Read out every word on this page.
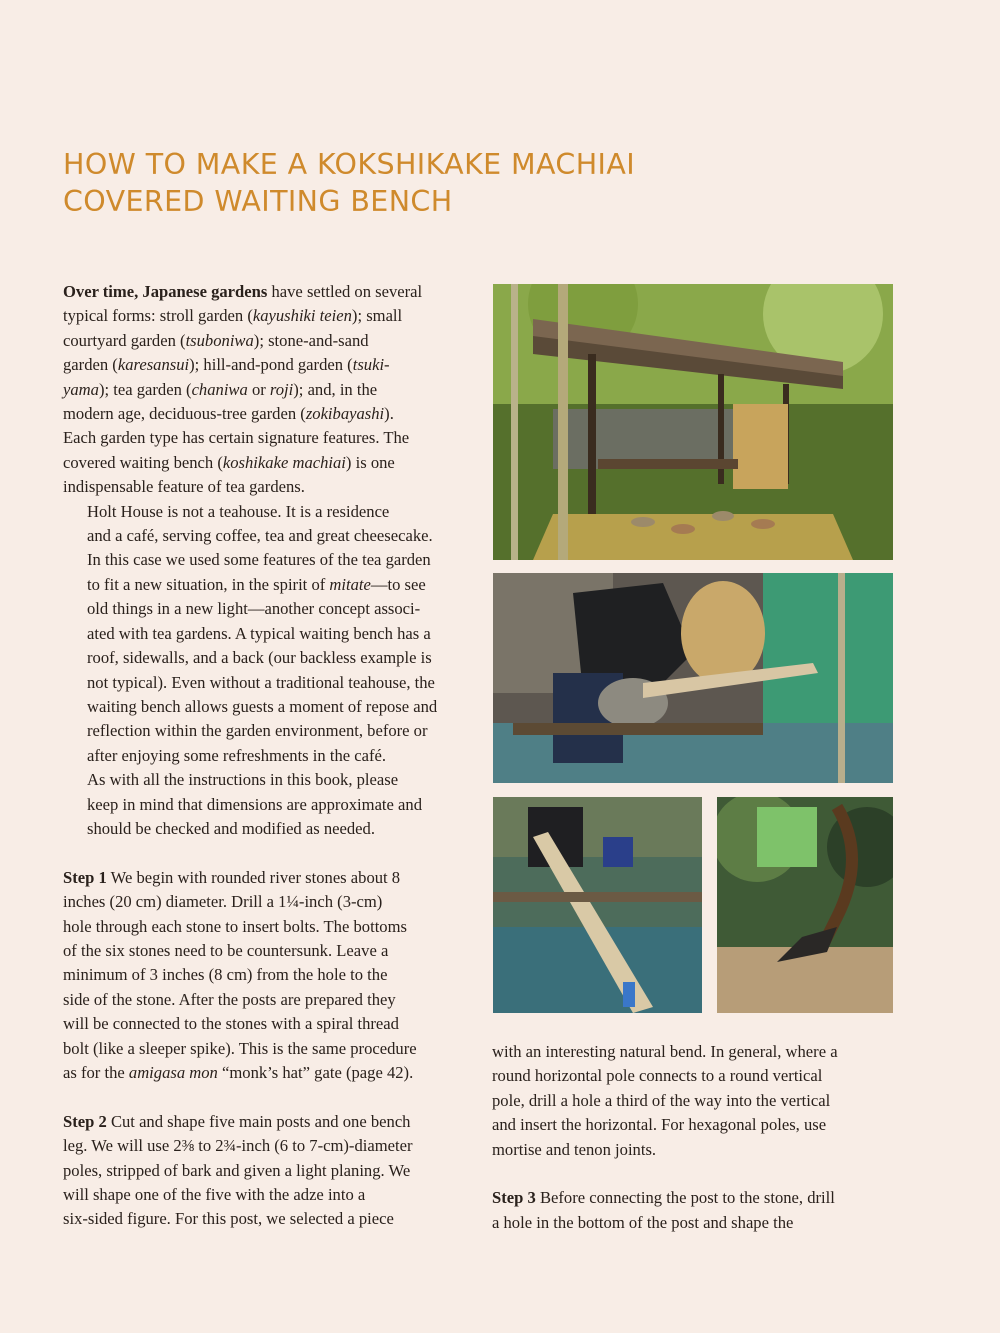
HOW TO MAKE A KOKSHIKAKE MACHIAI
COVERED WAITING BENCH

Over time, Japanese gardens have settled on several
typical forms: stroll garden (kayushiki teien); small
courtyard garden (tsuboniwa); stone-and-sand
garden (karesansui); hill-and-pond garden (tsuki-
yama); tea garden (chaniwa or roji); and, in the
modern age, deciduous-tree garden (zokibayashi).
Each garden type has certain signature features. The
covered waiting bench (koshikake machiai) is one
indispensable feature of tea gardens.

Holt House is not a teahouse. It is a residence
and a café, serving coffee, tea and great cheesecake.
In this case we used some features of the tea garden
to fit a new situation, in the spirit of mitate—to see
old things in a new light—another concept associ-
ated with tea gardens. A typical waiting bench has a
roof, sidewalls, and a back (our backless example is
not typical). Even without a traditional teahouse, the
waiting bench allows guests a moment of repose and
reflection within the garden environment, before or
after enjoying some refreshments in the café.

As with all the instructions in this book, please
keep in mind that dimensions are approximate and
should be checked and modified as needed.

Step 1 We begin with rounded river stones about 8
inches (20 cm) diameter. Drill a 1¼-inch (3-cm)
hole through each stone to insert bolts. The bottoms
of the six stones need to be countersunk. Leave a
minimum of 3 inches (8 cm) from the hole to the
side of the stone. After the posts are prepared they
will be connected to the stones with a spiral thread
bolt (like a sleeper spike). This is the same procedure
as for the amigasa mon “monk’s hat” gate (page 42).

Step 2 Cut and shape five main posts and one bench
leg. We will use 2⅜ to 2¾-inch (6 to 7-cm)-diameter
poles, stripped of bark and given a light planing. We
will shape one of the five with the adze into a
six-sided figure. For this post, we selected a piece

with an interesting natural bend. In general, where a
round horizontal pole connects to a round vertical
pole, drill a hole a third of the way into the vertical
and insert the horizontal. For hexagonal poles, use
mortise and tenon joints.

Step 3 Before connecting the post to the stone, drill
a hole in the bottom of the post and shape the
